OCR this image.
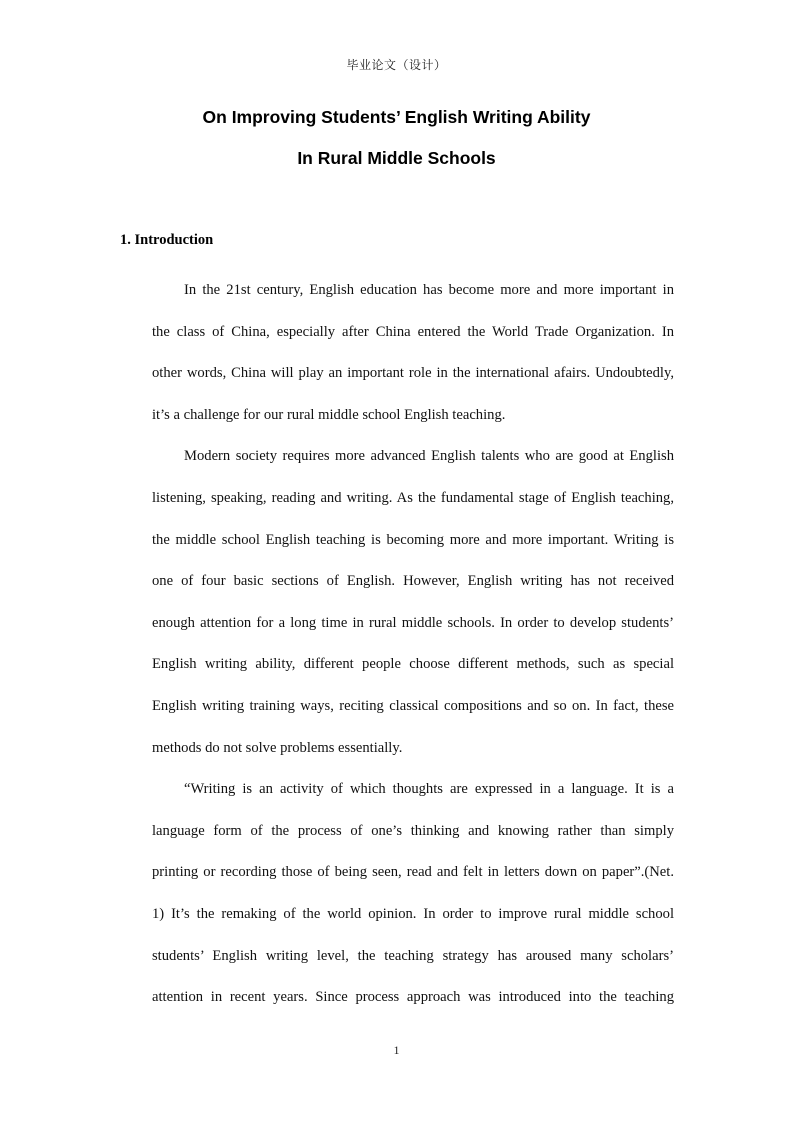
毕业论文（设计）
On Improving Students’ English Writing Ability
In Rural Middle Schools
1. Introduction
In the 21st century, English education has become more and more important in
the class of China, especially after China entered the World Trade Organization. In
other words, China will play an important role in the international afairs. Undoubtedly,
it’s a challenge for our rural middle school English teaching.
Modern society requires more advanced English talents who are good at English
listening, speaking, reading and writing. As the fundamental stage of English teaching,
the middle school English teaching is becoming more and more important. Writing is
one of four basic sections of English. However, English writing has not received
enough attention for a long time in rural middle schools. In order to develop students’
English writing ability, different people choose different methods, such as special
English writing training ways, reciting classical compositions and so on. In fact, these
methods do not solve problems essentially.
“Writing is an activity of which thoughts are expressed in a language. It is a
language form of the process of one’s thinking and knowing rather than simply
printing or recording those of being seen, read and felt in letters down on paper”.(Net.
1) It’s the remaking of the world opinion. In order to improve rural middle school
students’ English writing level, the teaching strategy has aroused many scholars’
attention in recent years. Since process approach was introduced into the teaching
1
